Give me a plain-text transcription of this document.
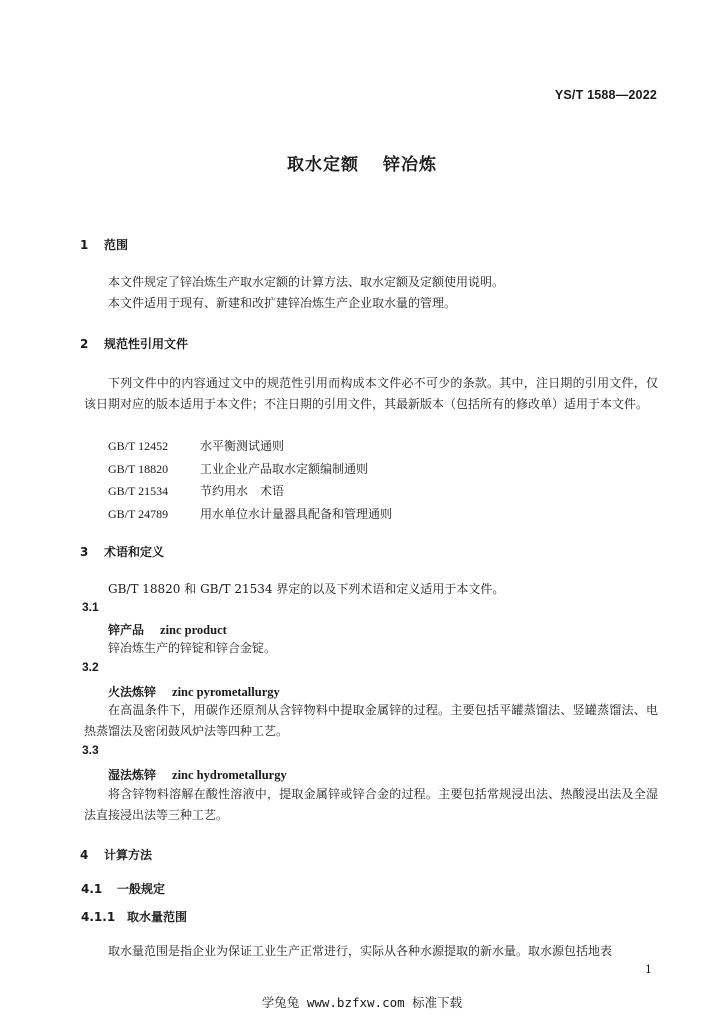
YS/T 1588—2022
取水定额 锌冶炼
1 范围
本文件规定了锌冶炼生产取水定额的计算方法、取水定额及定额使用说明。
本文件适用于现有、新建和改扩建锌冶炼生产企业取水量的管理。
2 规范性引用文件
下列文件中的内容通过文中的规范性引用而构成本文件必不可少的条款。其中，注日期的引用文件，仅该日期对应的版本适用于本文件；不注日期的引用文件，其最新版本（包括所有的修改单）适用于本文件。
GB/T 12452	水平衡测试通则
GB/T 18820	工业企业产品取水定额编制通则
GB/T 21534	节约用水　术语
GB/T 24789	用水单位水计量器具配备和管理通则
3 术语和定义
GB/T 18820 和 GB/T 21534 界定的以及下列术语和定义适用于本文件。
3.1
锌产品 zinc product
锌冶炼生产的锌锭和锌合金锭。
3.2
火法炼锌 zinc pyrometallurgy
在高温条件下，用碳作还原剂从含锌物料中提取金属锌的过程。主要包括平罐蒸馏法、竖罐蒸馏法、电热蒸馏法及密闭鼓风炉法等四种工艺。
3.3
湿法炼锌 zinc hydrometallurgy
将含锌物料溶解在酸性溶液中，提取金属锌或锌合金的过程。主要包括常规浸出法、热酸浸出法及全湿法直接浸出法等三种工艺。
4 计算方法
4.1 一般规定
4.1.1 取水量范围
取水量范围是指企业为保证工业生产正常进行，实际从各种水源提取的新水量。取水源包括地表
1
学兔兔 www.bzfxw.com 标准下载
